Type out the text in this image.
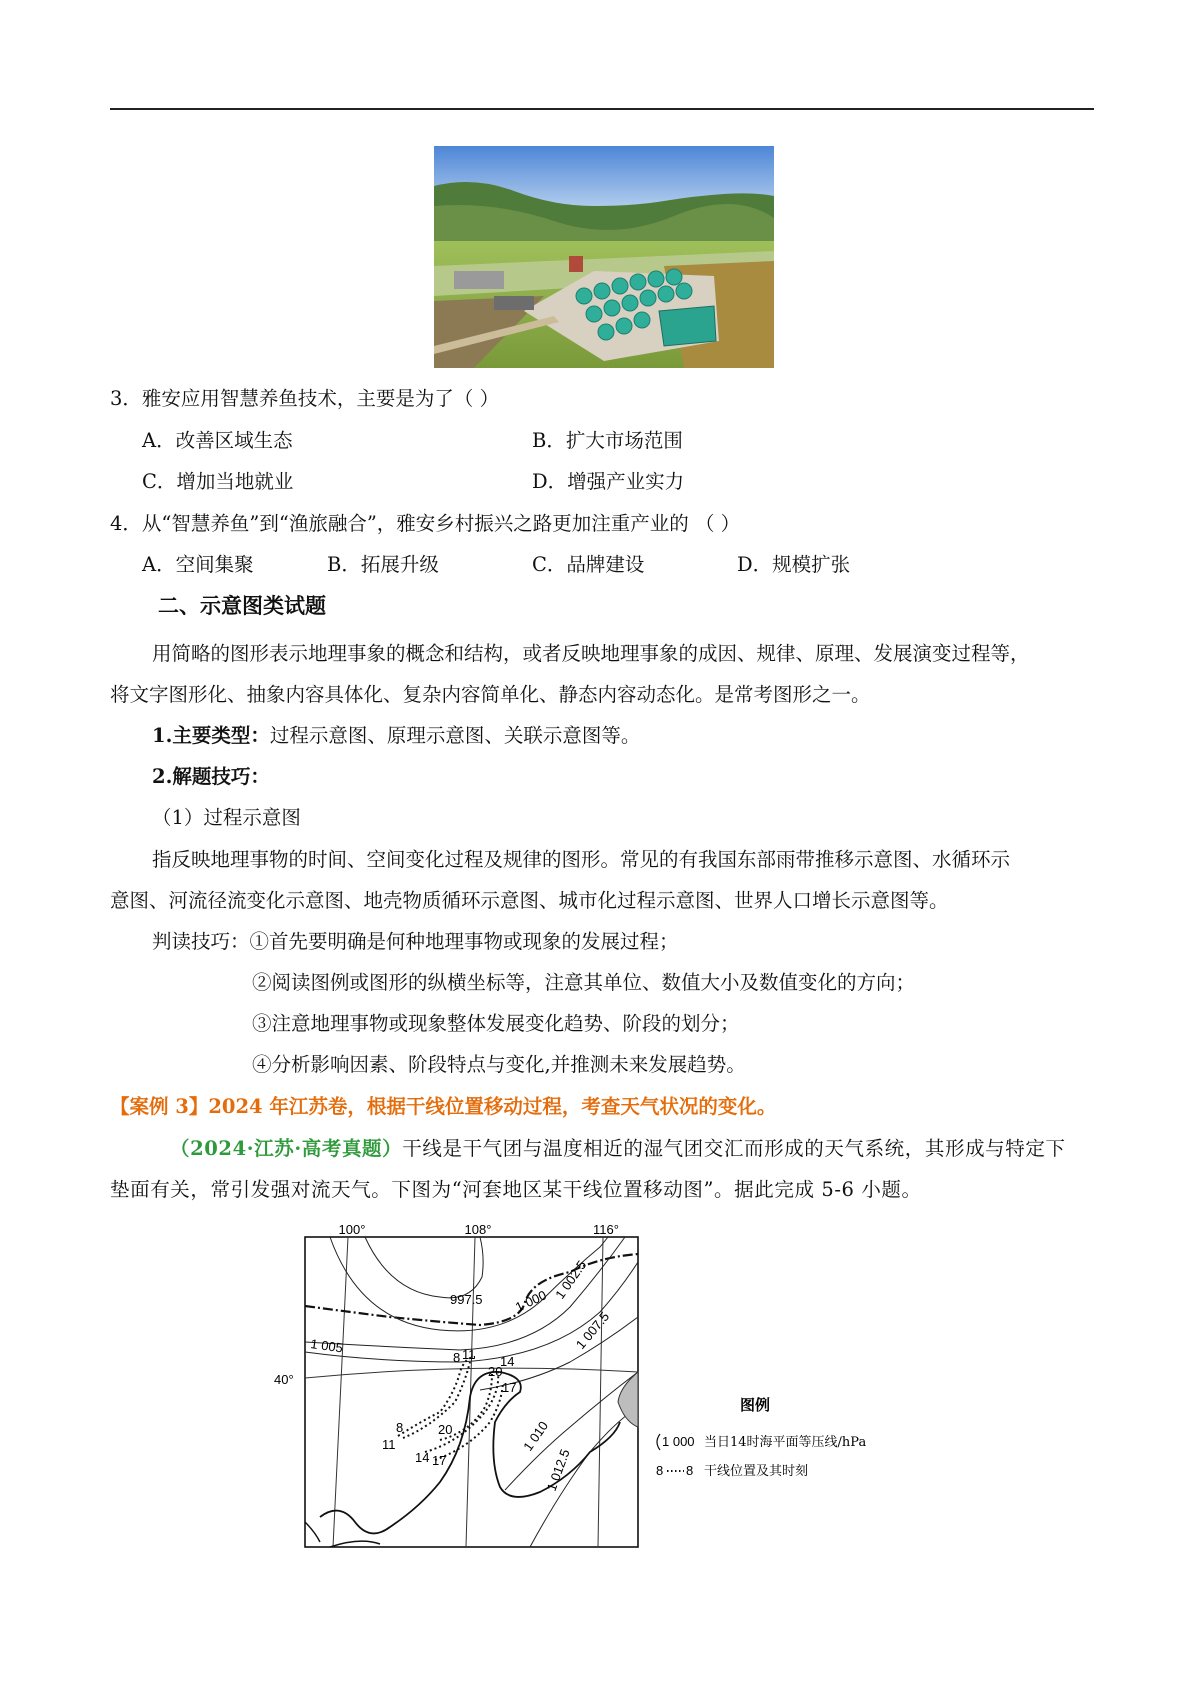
3．雅安应用智慧养鱼技术，主要是为了（ ）
A．改善区域生态	B．扩大市场范围
C．增加当地就业	D．增强产业实力
4．从“智慧养鱼”到“渔旅融合”，雅安乡村振兴之路更加注重产业的 （ ）
A．空间集聚	B．拓展升级	C．品牌建设	D．规模扩张
二、示意图类试题
用简略的图形表示地理事象的概念和结构，或者反映地理事象的成因、规律、原理、发展演变过程等，
将文字图形化、抽象内容具体化、复杂内容简单化、静态内容动态化。是常考图形之一。
1.主要类型：过程示意图、原理示意图、关联示意图等。
2.解题技巧：
（1）过程示意图
指反映地理事物的时间、空间变化过程及规律的图形。常见的有我国东部雨带推移示意图、水循环示
意图、河流径流变化示意图、地壳物质循环示意图、城市化过程示意图、世界人口增长示意图等。
判读技巧：①首先要明确是何种地理事物或现象的发展过程；
②阅读图例或图形的纵横坐标等，注意其单位、数值大小及数值变化的方向；
③注意地理事物或现象整体发展变化趋势、阶段的划分；
④分析影响因素、阶段特点与变化,并推测未来发展趋势。
【案例 3】2024 年江苏卷，根据干线位置移动过程，考查天气状况的变化。
（2024·江苏·高考真题）干线是干气团与温度相近的湿气团交汇而形成的天气系统，其形成与特定下
垫面有关，常引发强对流天气。下图为“河套地区某干线位置移动图”。据此完成 5-6 小题。
100°	108°	116°
40°
997.5 1 000 1 002.5
1 005	1 007.5
1 010
1 012.5
8 11 14
20
17
8
11
14 17
20
图例
1 000 当日14时海平面等压线/hPa
8 8 干线位置及其时刻
